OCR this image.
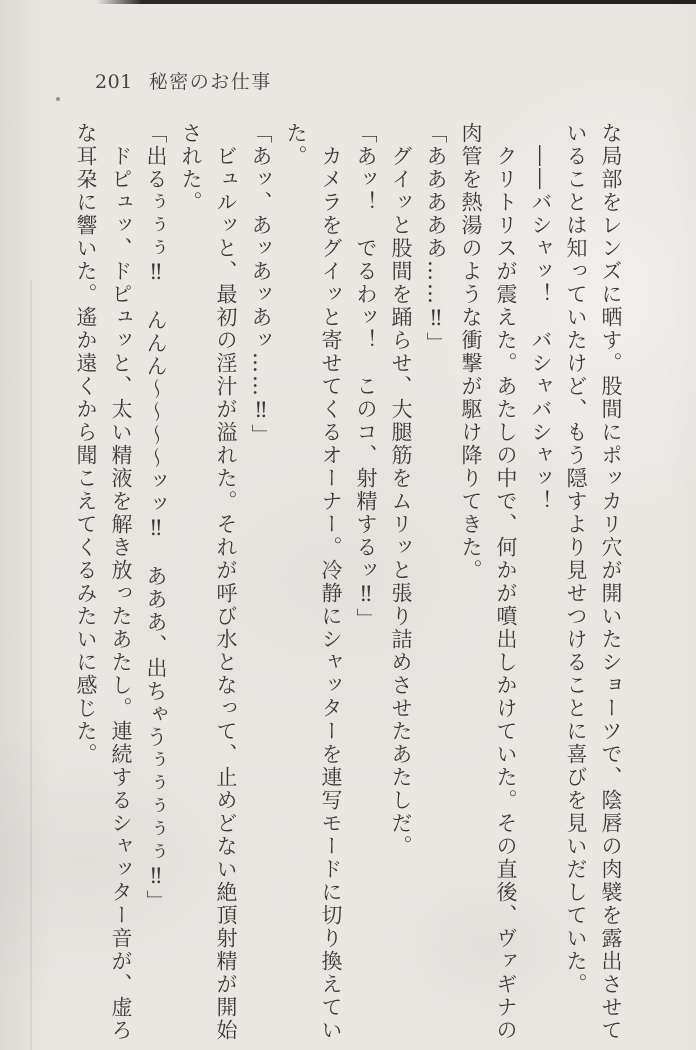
201 秘密のお仕事

な局部をレンズに晒す。股間にポッカリ穴が開いたショーツで、陰唇の肉襞を露出させていることは知っていたけど、もう隠すより見せつけることに喜びを見いだしていた。

――バシャッ！　バシャバシャッ！

クリトリスが震えた。あたしの中で、何かが噴出しかけていた。その直後、ヴァギナの肉管を熱湯のような衝撃が駆け降りてきた。

「あああああ……‼」

グイッと股間を踊らせ、大腿筋をムリッと張り詰めさせたあたしだ。

「あッ！　でるわッ！　このコ、射精するッ‼」

カメラをグイッと寄せてくるオーナー。冷静にシャッターを連写モードに切り換えていた。

「あッ、あッあッあッ……‼」

ビュルッと、最初の淫汁が溢れた。それが呼び水となって、止めどない絶頂射精が開始された。

「出るぅぅぅ‼　んんん〜〜〜〜ッッ‼　あああ、出ちゃうぅぅぅぅぅ‼」

ドピュッ、ドピュッと、太い精液を解き放ったあたし。連続するシャッター音が、虚ろな耳朶に響いた。遙か遠くから聞こえてくるみたいに感じた。
